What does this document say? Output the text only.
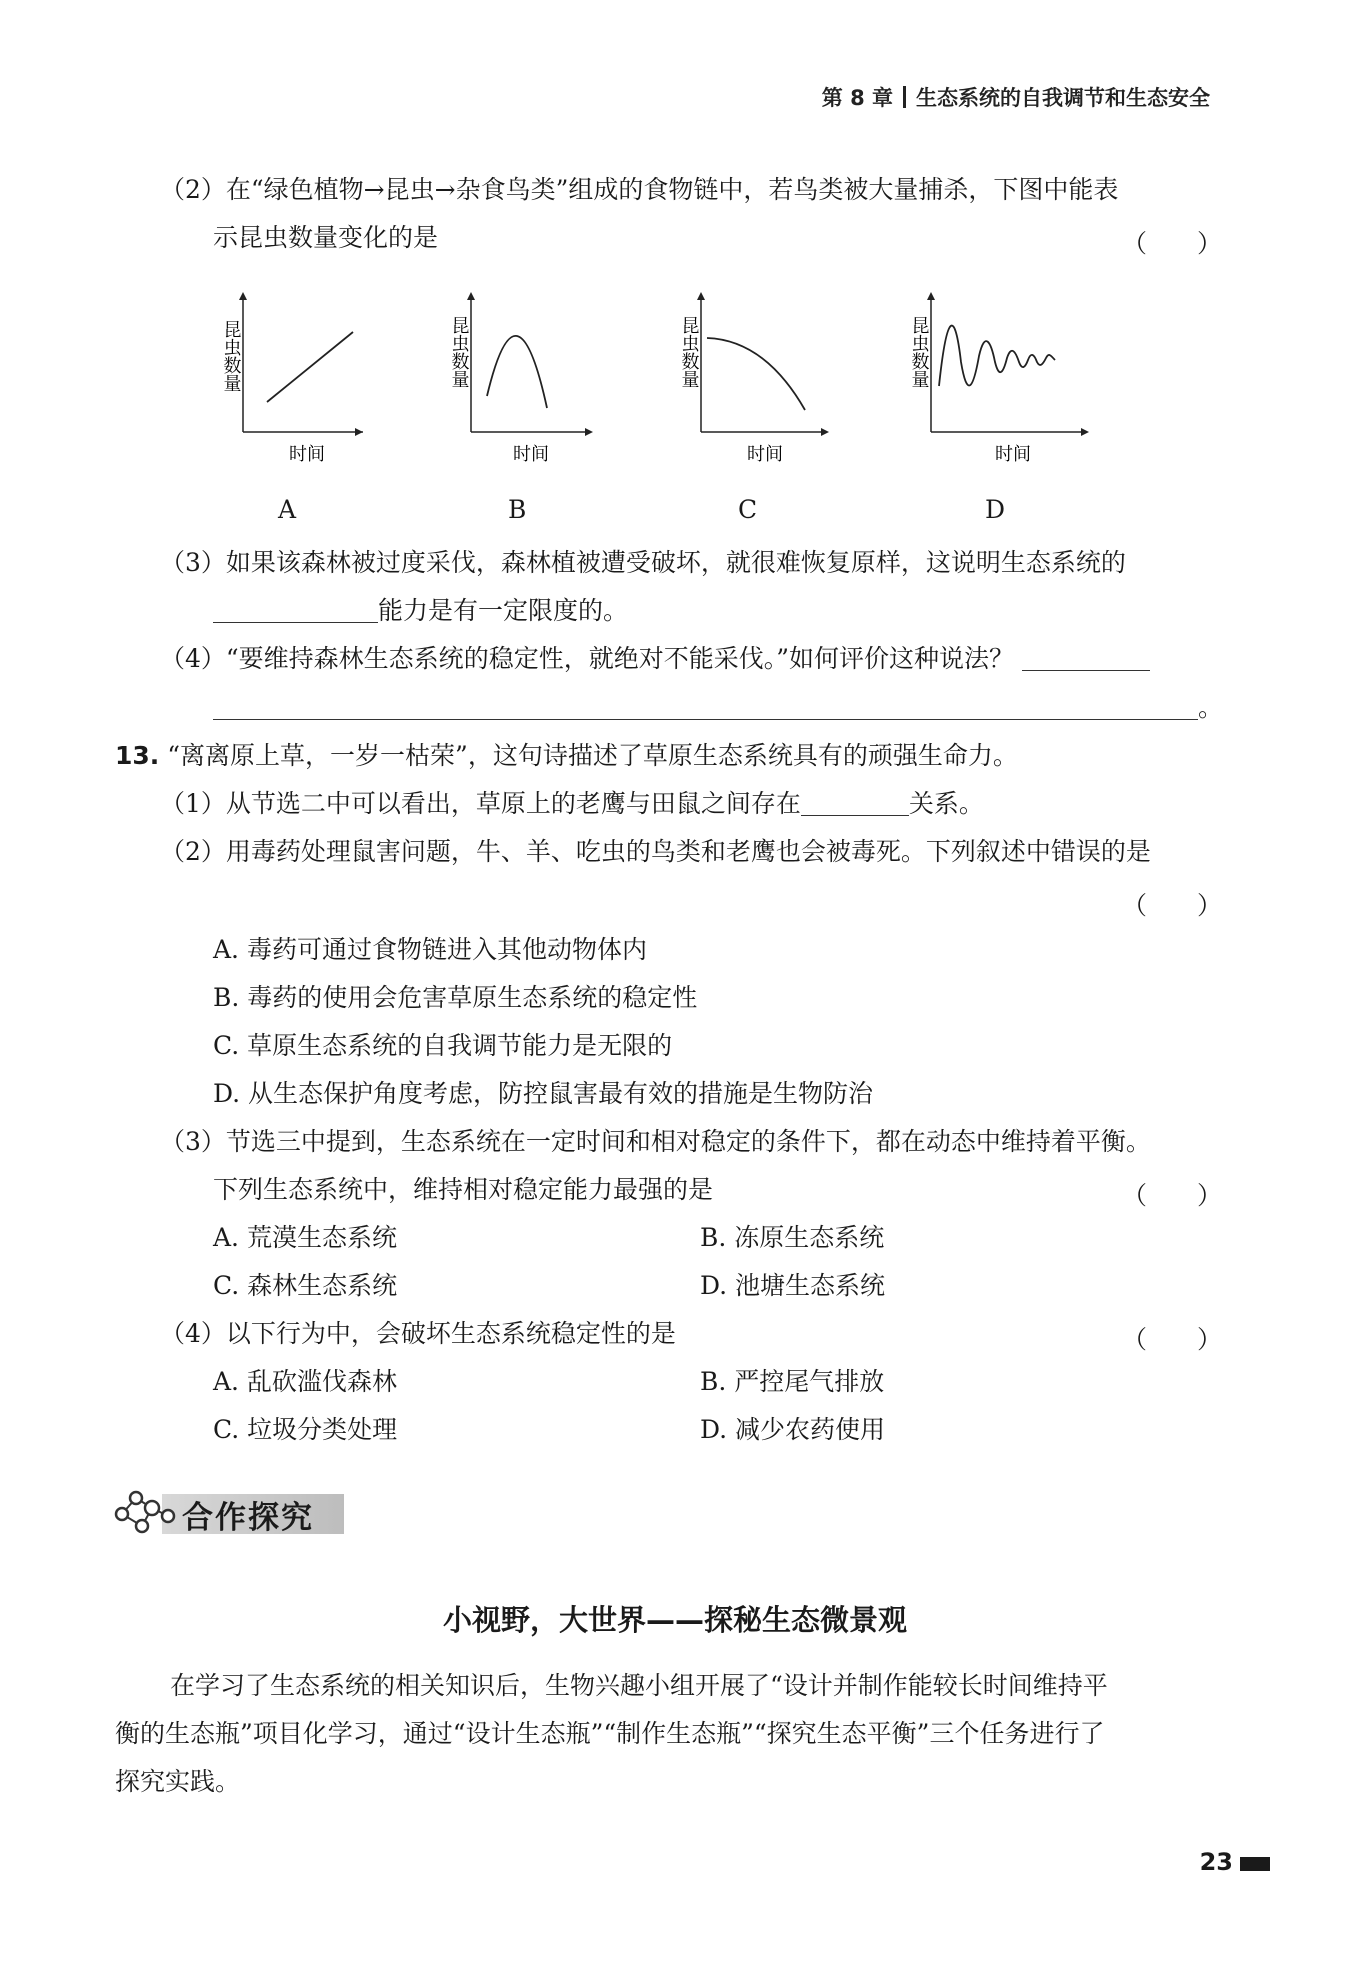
第 8 章 生态系统的自我调节和生态安全
（2）在“绿色植物→昆虫→杂食鸟类”组成的食物链中，若鸟类被大量捕杀，下图中能表
示昆虫数量变化的是	（　　）
昆虫数量
时间
昆虫数量
时间
昆虫数量
时间
昆虫数量
时间
A	B	C	D
（3）如果该森林被过度采伐，森林植被遭受破坏，就很难恢复原样，这说明生态系统的
能力是有一定限度的。
（4）“要维持森林生态系统的稳定性，就绝对不能采伐。”如何评价这种说法？
。
13. “离离原上草，一岁一枯荣”，这句诗描述了草原生态系统具有的顽强生命力。
（1）从节选二中可以看出，草原上的老鹰与田鼠之间存在	关系。
（2）用毒药处理鼠害问题，牛、羊、吃虫的鸟类和老鹰也会被毒死。下列叙述中错误的是
（　　）
A. 毒药可通过食物链进入其他动物体内
B. 毒药的使用会危害草原生态系统的稳定性
C. 草原生态系统的自我调节能力是无限的
D. 从生态保护角度考虑，防控鼠害最有效的措施是生物防治
（3）节选三中提到，生态系统在一定时间和相对稳定的条件下，都在动态中维持着平衡。
下列生态系统中，维持相对稳定能力最强的是	（　　）
A. 荒漠生态系统	B. 冻原生态系统
C. 森林生态系统	D. 池塘生态系统
（4）以下行为中，会破坏生态系统稳定性的是	（　　）
A. 乱砍滥伐森林	B. 严控尾气排放
C. 垃圾分类处理	D. 减少农药使用
合作探究
小视野，大世界——探秘生态微景观
在学习了生态系统的相关知识后，生物兴趣小组开展了“设计并制作能较长时间维持平
衡的生态瓶”项目化学习，通过“设计生态瓶”“制作生态瓶”“探究生态平衡”三个任务进行了
探究实践。
23
